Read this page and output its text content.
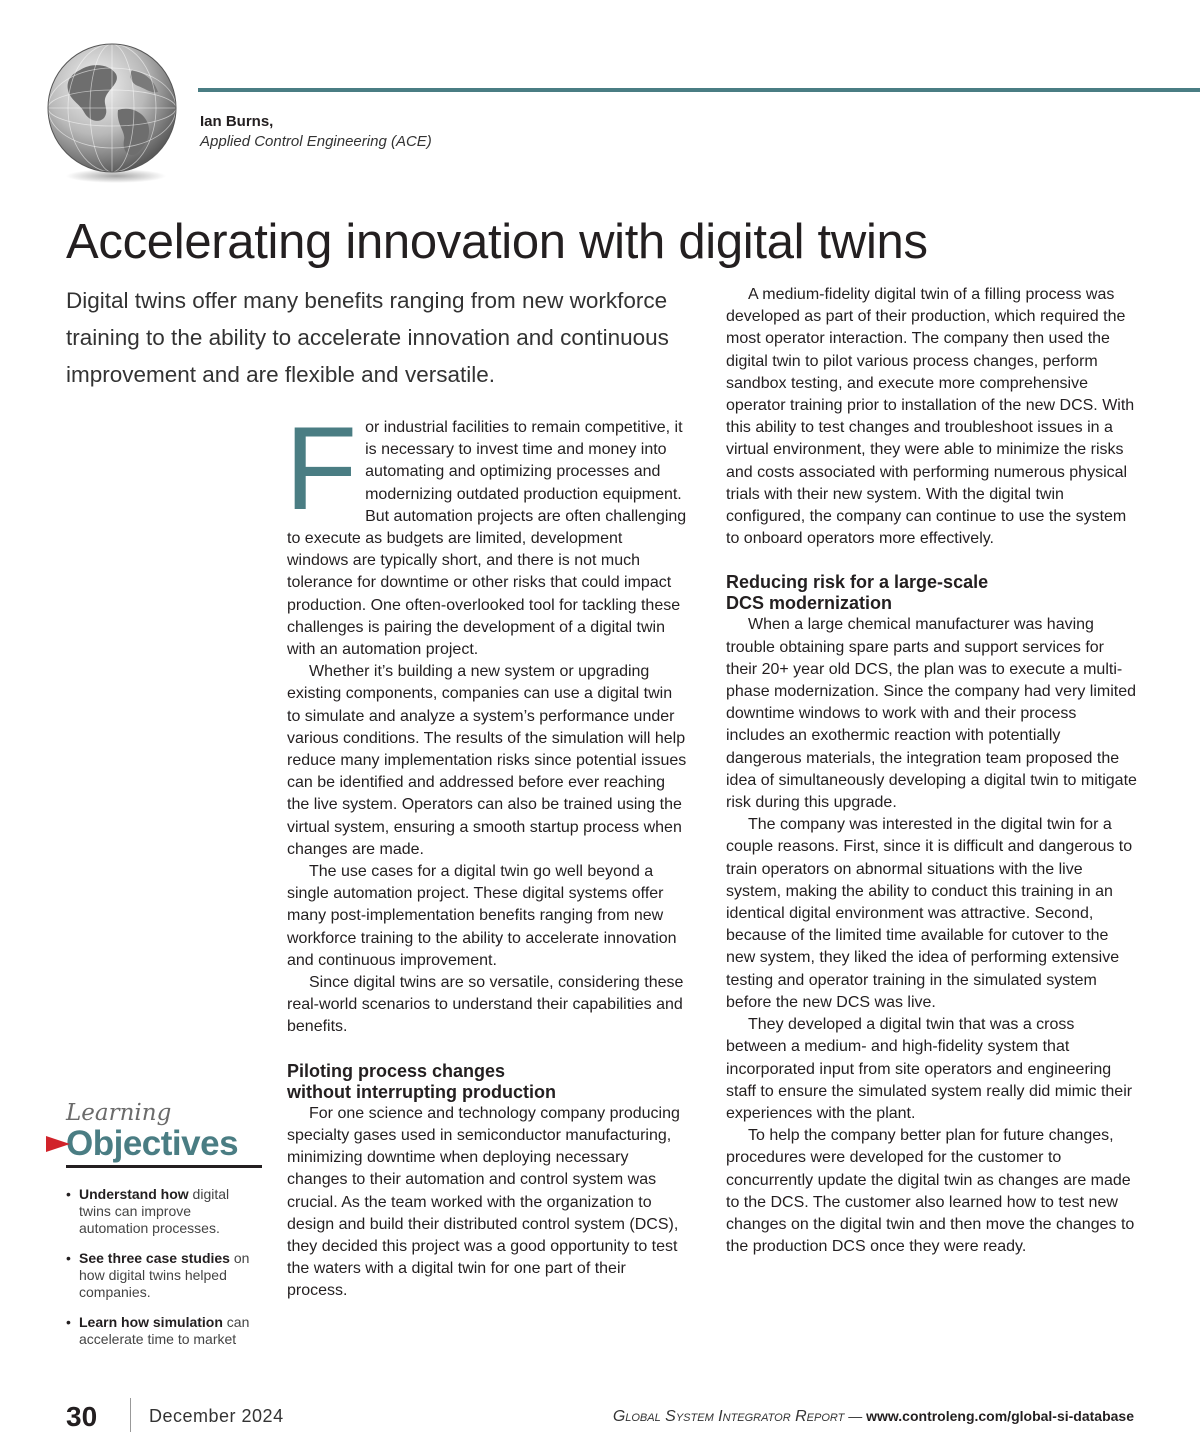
Ian Burns,
Applied Control Engineering (ACE)
Accelerating innovation with digital twins

Digital twins offer many benefits ranging from new workforce training to the ability to accelerate innovation and continuous improvement and are flexible and versatile.

For industrial facilities to remain competitive, it is necessary to invest time and money into automating and optimizing processes and modernizing outdated production equipment. But automation projects are often challenging to execute as budgets are limited, development windows are typically short, and there is not much tolerance for downtime or other risks that could impact production. One often-overlooked tool for tackling these challenges is pairing the development of a digital twin with an automation project.

Whether it’s building a new system or upgrading existing components, companies can use a digital twin to simulate and analyze a system’s performance under various conditions. The results of the simulation will help reduce many implementation risks since potential issues can be identified and addressed before ever reaching the live system. Operators can also be trained using the virtual system, ensuring a smooth startup process when changes are made.

The use cases for a digital twin go well beyond a single automation project. These digital systems offer many post-implementation benefits ranging from new workforce training to the ability to accelerate innovation and continuous improvement.

Since digital twins are so versatile, considering these real-world scenarios to understand their capabilities and benefits.

Piloting process changes
without interrupting production

For one science and technology company producing specialty gases used in semiconductor manufacturing, minimizing downtime when deploying necessary changes to their automation and control system was crucial. As the team worked with the organization to design and build their distributed control system (DCS), they decided this project was a good opportunity to test the waters with a digital twin for one part of their process.

A medium-fidelity digital twin of a filling process was developed as part of their production, which required the most operator interaction. The company then used the digital twin to pilot various process changes, perform sandbox testing, and execute more comprehensive operator training prior to installation of the new DCS. With this ability to test changes and troubleshoot issues in a virtual environment, they were able to minimize the risks and costs associated with performing numerous physical trials with their new system. With the digital twin configured, the company can continue to use the system to onboard operators more effectively.

Reducing risk for a large-scale
DCS modernization

When a large chemical manufacturer was having trouble obtaining spare parts and support services for their 20+ year old DCS, the plan was to execute a multi-phase modernization. Since the company had very limited downtime windows to work with and their process includes an exothermic reaction with potentially dangerous materials, the integration team proposed the idea of simultaneously developing a digital twin to mitigate risk during this upgrade.

The company was interested in the digital twin for a couple reasons. First, since it is difficult and dangerous to train operators on abnormal situations with the live system, making the ability to conduct this training in an identical digital environment was attractive. Second, because of the limited time available for cutover to the new system, they liked the idea of performing extensive testing and operator training in the simulated system before the new DCS was live.

They developed a digital twin that was a cross between a medium- and high-fidelity system that incorporated input from site operators and engineering staff to ensure the simulated system really did mimic their experiences with the plant.

To help the company better plan for future changes, procedures were developed for the customer to concurrently update the digital twin as changes are made to the DCS. The customer also learned how to test new changes on the digital twin and then move the changes to the production DCS once they were ready.

Learning
Objectives
• Understand how digital twins can improve automation processes.
• See three case studies on how digital twins helped companies.
• Learn how simulation can accelerate time to market
30	December 2024	Global System Integrator Report — www.controleng.com/global-si-database
